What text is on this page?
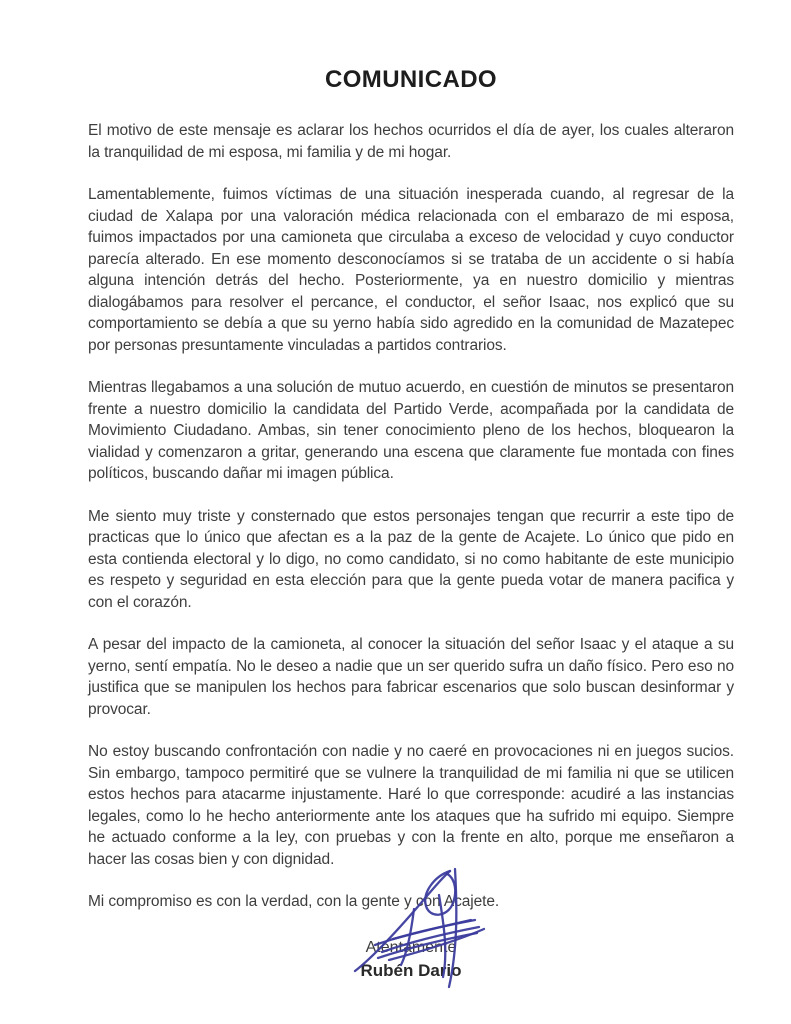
COMUNICADO

El motivo de este mensaje es aclarar los hechos ocurridos el día de ayer, los cuales alteraron la tranquilidad de mi esposa, mi familia y de mi hogar.

Lamentablemente, fuimos víctimas de una situación inesperada cuando, al regresar de la ciudad de Xalapa por una valoración médica relacionada con el embarazo de mi esposa, fuimos impactados por una camioneta que circulaba a exceso de velocidad y cuyo conductor parecía alterado. En ese momento desconocíamos si se trataba de un accidente o si había alguna intención detrás del hecho. Posteriormente, ya en nuestro domicilio y mientras dialogábamos para resolver el percance, el conductor, el señor Isaac, nos explicó que su comportamiento se debía a que su yerno había sido agredido en la comunidad de Mazatepec por personas presuntamente vinculadas a partidos contrarios.

Mientras llegabamos a una solución de mutuo acuerdo, en cuestión de minutos se presentaron frente a nuestro domicilio la candidata del Partido Verde, acompañada por la candidata de Movimiento Ciudadano. Ambas, sin tener conocimiento pleno de los hechos, bloquearon la vialidad y comenzaron a gritar, generando una escena que claramente fue montada con fines políticos, buscando dañar mi imagen pública.

Me siento muy triste y consternado que estos personajes tengan que recurrir a este tipo de practicas que lo único que afectan es a la paz de la gente de Acajete. Lo único que pido en esta contienda electoral y lo digo, no como candidato, si no como habitante de este municipio es respeto y seguridad en esta elección para que la gente pueda votar de manera pacifica y con el corazón.

A pesar del impacto de la camioneta, al conocer la situación del señor Isaac y el ataque a su yerno, sentí empatía. No le deseo a nadie que un ser querido sufra un daño físico. Pero eso no justifica que se manipulen los hechos para fabricar escenarios que solo buscan desinformar y provocar.

No estoy buscando confrontación con nadie y no caeré en provocaciones ni en juegos sucios. Sin embargo, tampoco permitiré que se vulnere la tranquilidad de mi familia ni que se utilicen estos hechos para atacarme injustamente. Haré lo que corresponde: acudiré a las instancias legales, como lo he hecho anteriormente ante los ataques que ha sufrido mi equipo. Siempre he actuado conforme a la ley, con pruebas y con la frente en alto, porque me enseñaron a hacer las cosas bien y con dignidad.

Mi compromiso es con la verdad, con la gente y con Acajete.

Atentamente
Rubén Dario
